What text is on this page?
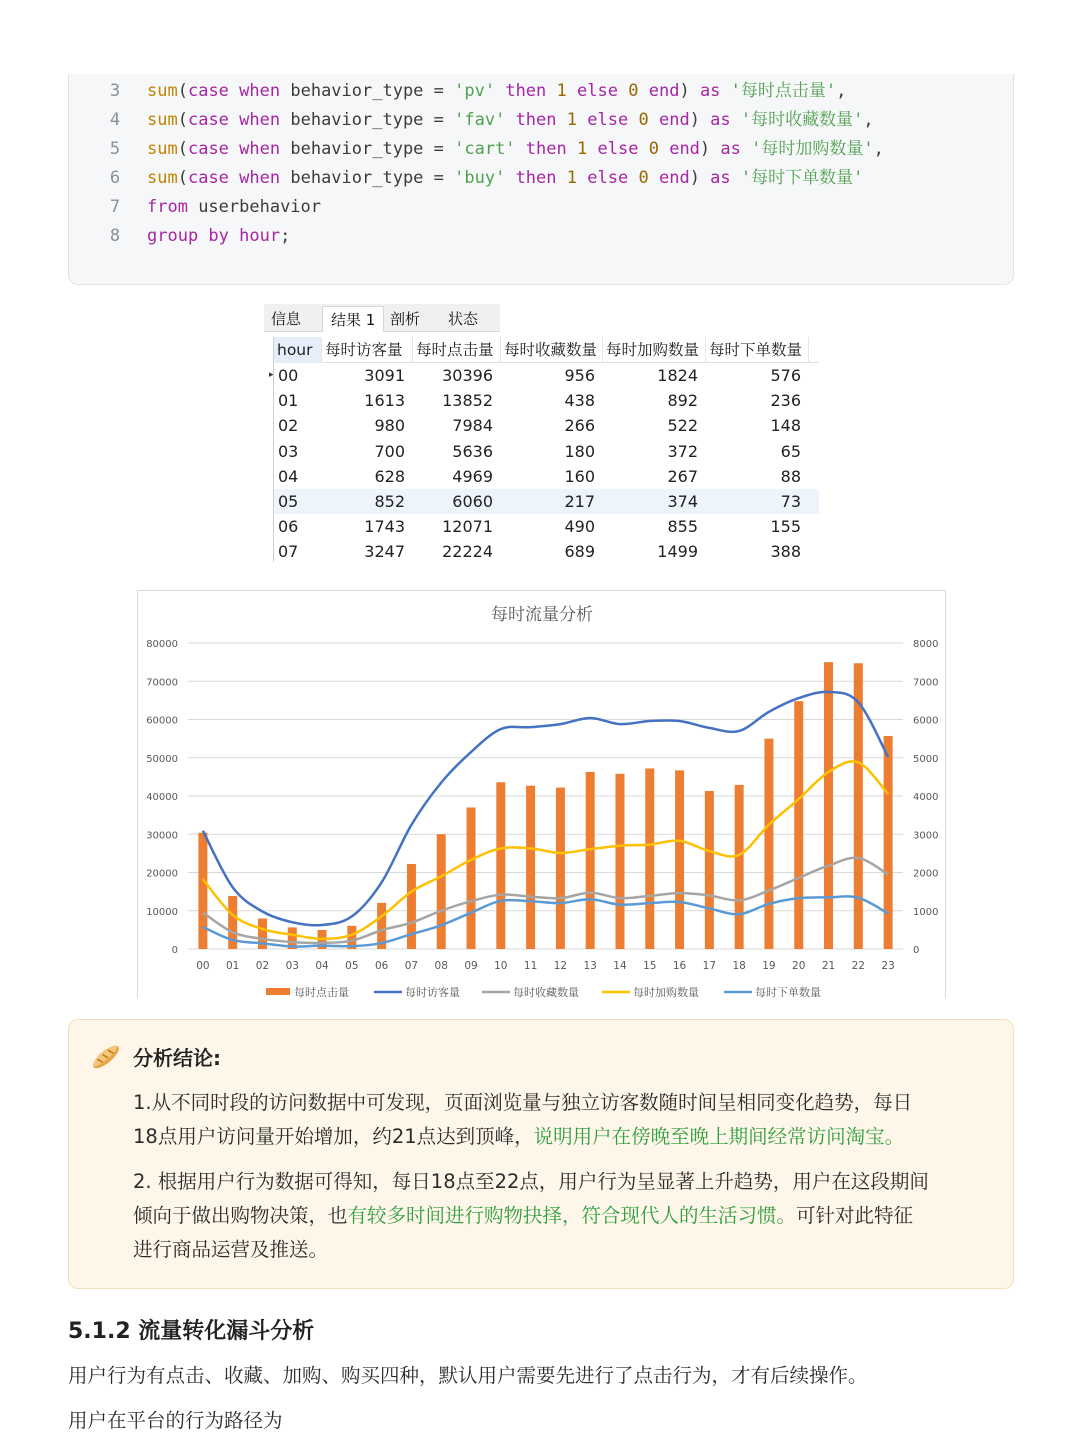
3 sum(case when behavior_type = 'pv' then 1 else 0 end) as '每时点击量',
4 sum(case when behavior_type = 'fav' then 1 else 0 end) as '每时收藏数量',
5 sum(case when behavior_type = 'cart' then 1 else 0 end) as '每时加购数量',
6 sum(case when behavior_type = 'buy' then 1 else 0 end) as '每时下单数量'
7 from userbehavior
8 group by hour;
信息	结果 1 剖析	状态
hour 每时访客量 每时点击量 每时收藏数量 每时加购数量 每时下单数量
▸ 00	3091	30396	956	1824	576
01	1613	13852	438	892	236
02	980	7984	266	522	148
03	700	5636	180	372	65
04	628	4969	160	267	88
05	852	6060	217	374	73
06	1743	12071	490	855	155
07	3247	22224	689	1499	388
每时流量分析
0
10000
20000
30000
40000
50000
60000
70000
80000
0
1000
2000
3000
4000
5000
6000
7000
8000
00 01 02 03 04 05 06 07 08 09 10 11 12 13 14 15 16 17 18 19 20 21 22 23
每时点击量	每时访客量	每时收藏数量	每时加购数量	每时下单数量
分析结论:
1.从不同时段的访问数据中可发现，页面浏览量与独立访客数随时间呈相同变化趋势，每日
18点用户访问量开始增加，约21点达到顶峰，说明用户在傍晚至晚上期间经常访问淘宝。
2. 根据用户行为数据可得知，每日18点至22点，用户行为呈显著上升趋势，用户在这段期间
倾向于做出购物决策，也有较多时间进行购物抉择，符合现代人的生活习惯。可针对此特征
进行商品运营及推送。
5.1.2 流量转化漏斗分析
用户行为有点击、收藏、加购、购买四种，默认用户需要先进行了点击行为，才有后续操作。
用户在平台的行为路径为
